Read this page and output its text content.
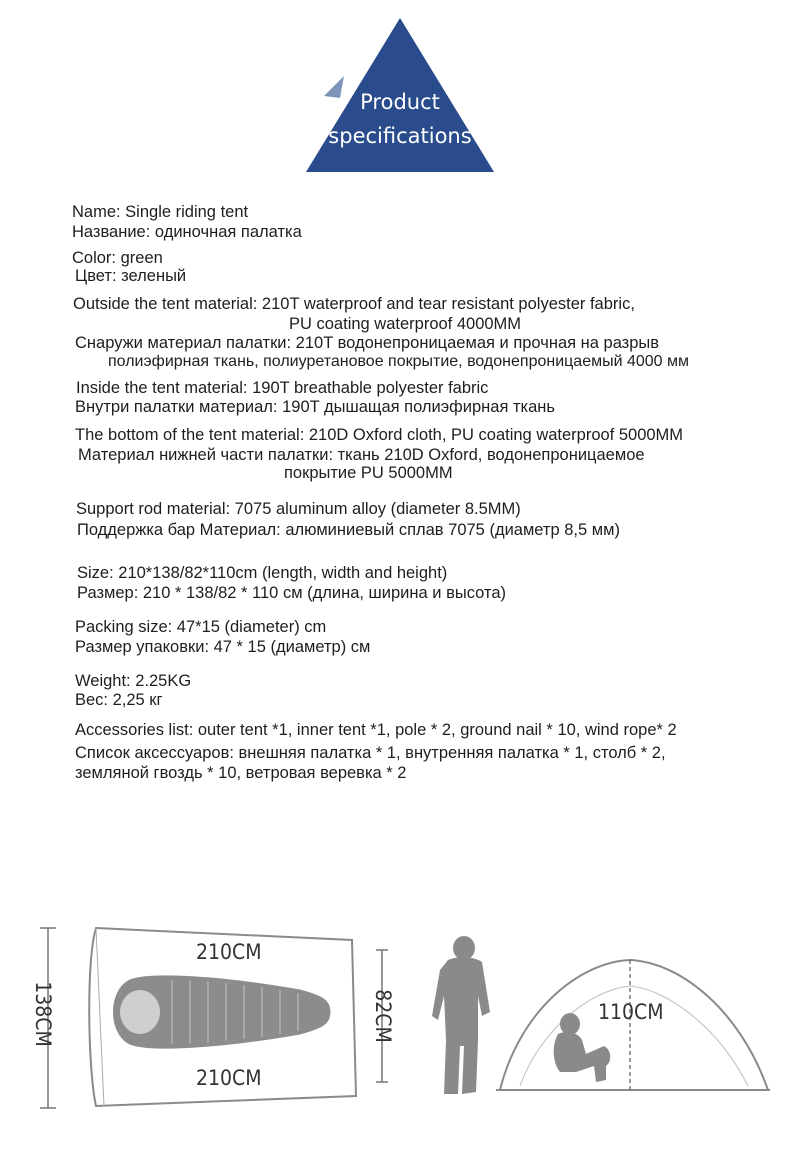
Product
specifications
Name: Single riding tent
Название: одиночная палатка
Color: green
Цвет: зеленый
Outside the tent material: 210T waterproof and tear resistant polyester fabric,
PU coating waterproof 4000MM
Снаружи материал палатки: 210T водонепроницаемая и прочная на разрыв
полиэфирная ткань, полиуретановое покрытие, водонепроницаемый 4000 мм
Inside the tent material: 190T breathable polyester fabric
Внутри палатки материал: 190T дышащая полиэфирная ткань
The bottom of the tent material: 210D Oxford cloth, PU coating waterproof 5000MM
Материал нижней части палатки: ткань 210D Oxford, водонепроницаемое
покрытие PU 5000MM
Support rod material: 7075 aluminum alloy (diameter 8.5MM)
Поддержка бар Материал: алюминиевый сплав 7075 (диаметр 8,5 мм)
Size: 210*138/82*110cm (length, width and height)
Размер: 210 * 138/82 * 110 см (длина, ширина и высота)
Packing size: 47*15 (diameter) cm
Размер упаковки: 47 * 15 (диаметр) см
Weight: 2.25KG
Вес: 2,25 кг
Accessories list: outer tent *1, inner tent *1, pole * 2, ground nail * 10, wind rope* 2
Список аксессуаров: внешняя палатка * 1, внутренняя палатка * 1, столб * 2,
земляной гвоздь * 10, ветровая веревка * 2
210CM
210CM
138CM	82CM	110CM
